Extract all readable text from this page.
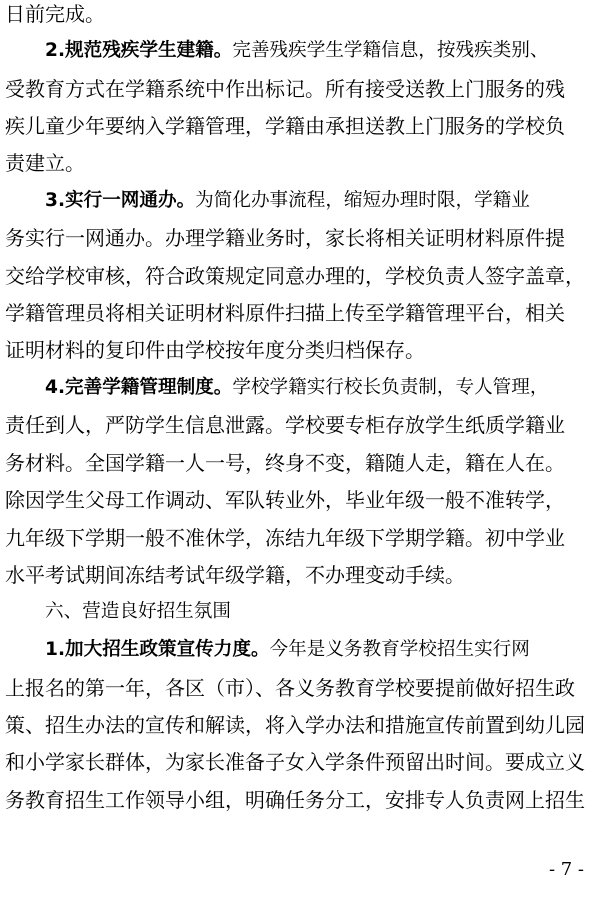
日前完成。
2.规范残疾学生建籍。完善残疾学生学籍信息，按残疾类别、
受教育方式在学籍系统中作出标记。所有接受送教上门服务的残
疾儿童少年要纳入学籍管理，学籍由承担送教上门服务的学校负
责建立。
3.实行一网通办。为简化办事流程，缩短办理时限，学籍业
务实行一网通办。办理学籍业务时，家长将相关证明材料原件提
交给学校审核，符合政策规定同意办理的，学校负责人签字盖章，
学籍管理员将相关证明材料原件扫描上传至学籍管理平台，相关
证明材料的复印件由学校按年度分类归档保存。
4.完善学籍管理制度。学校学籍实行校长负责制，专人管理，
责任到人，严防学生信息泄露。学校要专柜存放学生纸质学籍业
务材料。全国学籍一人一号，终身不变，籍随人走，籍在人在。
除因学生父母工作调动、军队转业外，毕业年级一般不准转学，
九年级下学期一般不准休学，冻结九年级下学期学籍。初中学业
水平考试期间冻结考试年级学籍，不办理变动手续。
六、营造良好招生氛围
1.加大招生政策宣传力度。今年是义务教育学校招生实行网
上报名的第一年，各区（市）、各义务教育学校要提前做好招生政
策、招生办法的宣传和解读，将入学办法和措施宣传前置到幼儿园
和小学家长群体，为家长准备子女入学条件预留出时间。要成立义
务教育招生工作领导小组，明确任务分工，安排专人负责网上招生
- 7 -
